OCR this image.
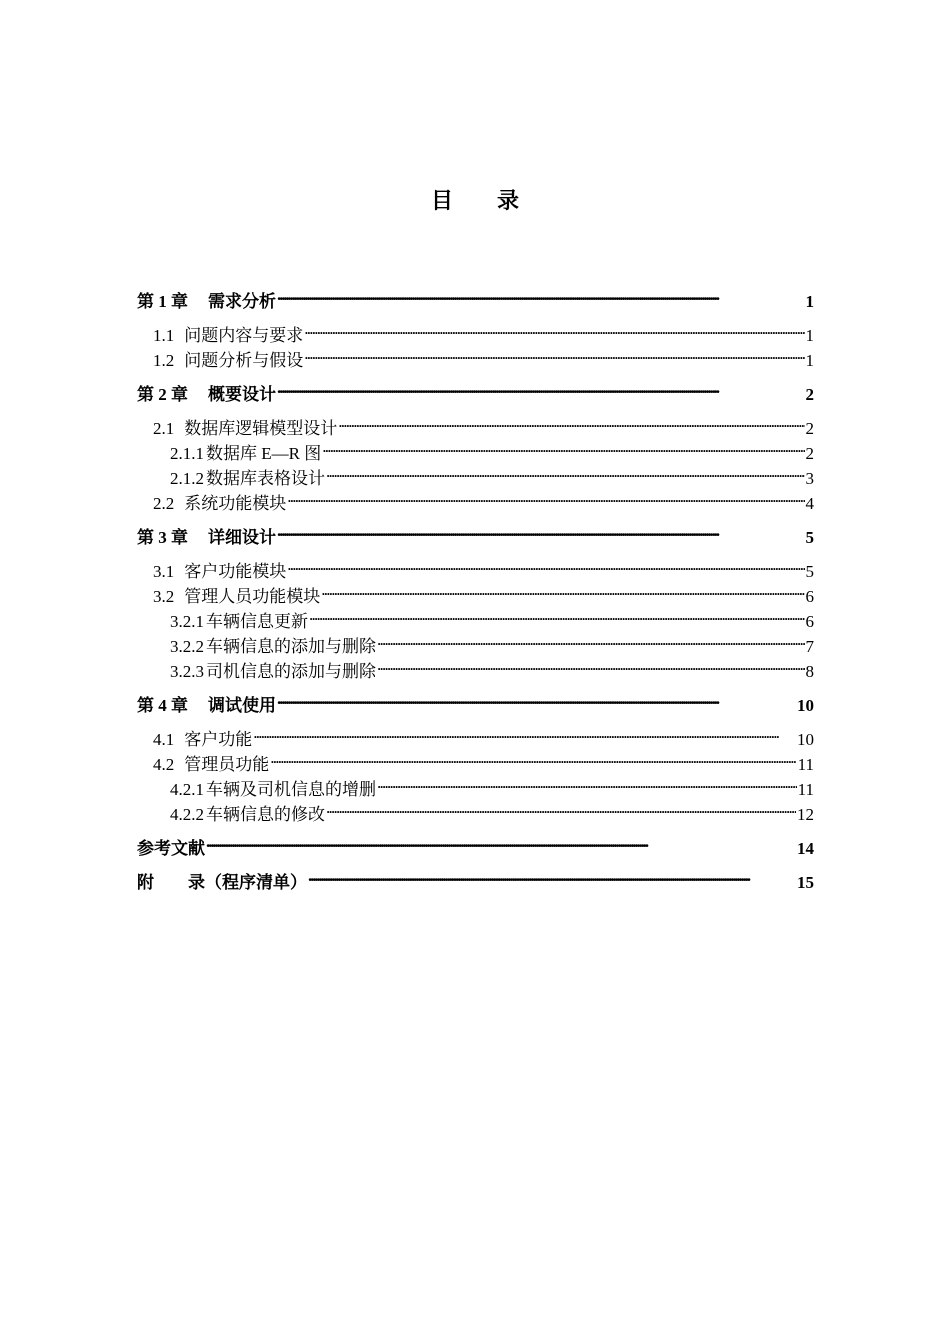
目 录
第 1 章 需求分析 . . .	1
1.1 问题内容与要求 . . .	1
1.2 问题分析与假设 . . .	1
第 2 章 概要设计 . . .	2
2.1 数据库逻辑模型设计 . . .	2
2.1.1 数据库 E—R 图 . . .	2
2.1.2 数据库表格设计 . . .	3
2.2 系统功能模块 . . .	4
第 3 章 详细设计 . . .	5
3.1 客户功能模块 . . .	5
3.2 管理人员功能模块 . . .	6
3.2.1 车辆信息更新 . . .	6
3.2.2 车辆信息的添加与删除 . . .	7
3.2.3 司机信息的添加与删除 . . .	8
第 4 章 调试使用 . . .	10
4.1 客户功能 . . .	10
4.2 管理员功能 . . .	11
4.2.1 车辆及司机信息的增删 . . .	11
4.2.2 车辆信息的修改 . . .	12
参考文献 . . .	14
附　　录（程序清单） . . .	15
